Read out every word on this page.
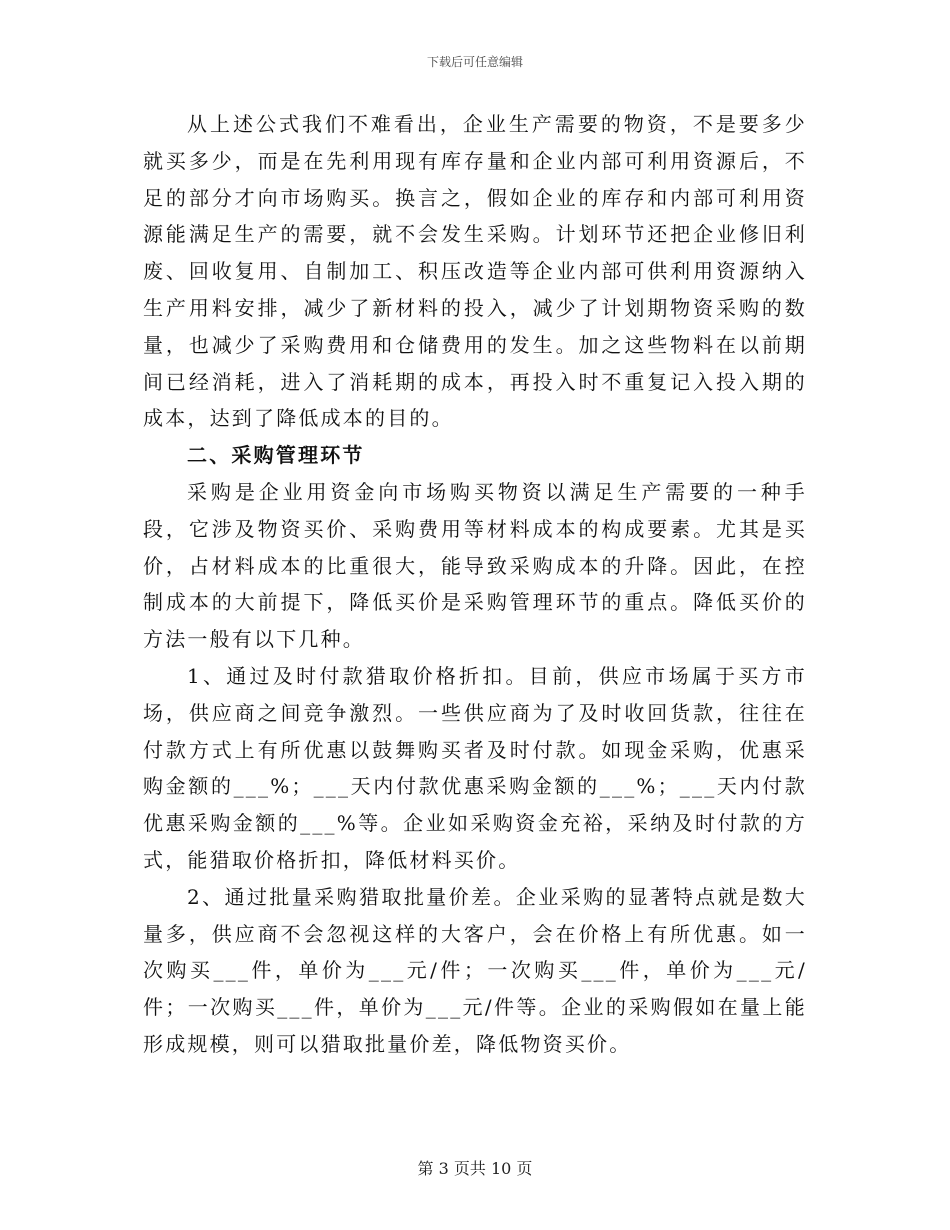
下载后可任意编辑

从上述公式我们不难看出，企业生产需要的物资，不是要多少就买多少，而是在先利用现有库存量和企业内部可利用资源后，不足的部分才向市场购买。换言之，假如企业的库存和内部可利用资源能满足生产的需要，就不会发生采购。计划环节还把企业修旧利废、回收复用、自制加工、积压改造等企业内部可供利用资源纳入生产用料安排，减少了新材料的投入，减少了计划期物资采购的数量，也减少了采购费用和仓储费用的发生。加之这些物料在以前期间已经消耗，进入了消耗期的成本，再投入时不重复记入投入期的成本，达到了降低成本的目的。

二、采购管理环节

采购是企业用资金向市场购买物资以满足生产需要的一种手段，它涉及物资买价、采购费用等材料成本的构成要素。尤其是买价，占材料成本的比重很大，能导致采购成本的升降。因此，在控制成本的大前提下，降低买价是采购管理环节的重点。降低买价的方法一般有以下几种。

1、通过及时付款猎取价格折扣。目前，供应市场属于买方市场，供应商之间竞争激烈。一些供应商为了及时收回货款，往往在付款方式上有所优惠以鼓舞购买者及时付款。如现金采购，优惠采购金额的___%；___天内付款优惠采购金额的___%；___天内付款优惠采购金额的___%等。企业如采购资金充裕，采纳及时付款的方式，能猎取价格折扣，降低材料买价。

2、通过批量采购猎取批量价差。企业采购的显著特点就是数大量多，供应商不会忽视这样的大客户，会在价格上有所优惠。如一次购买___件，单价为___元/件；一次购买___件，单价为___元/件；一次购买___件，单价为___元/件等。企业的采购假如在量上能形成规模，则可以猎取批量价差，降低物资买价。

第 3 页共 10 页
